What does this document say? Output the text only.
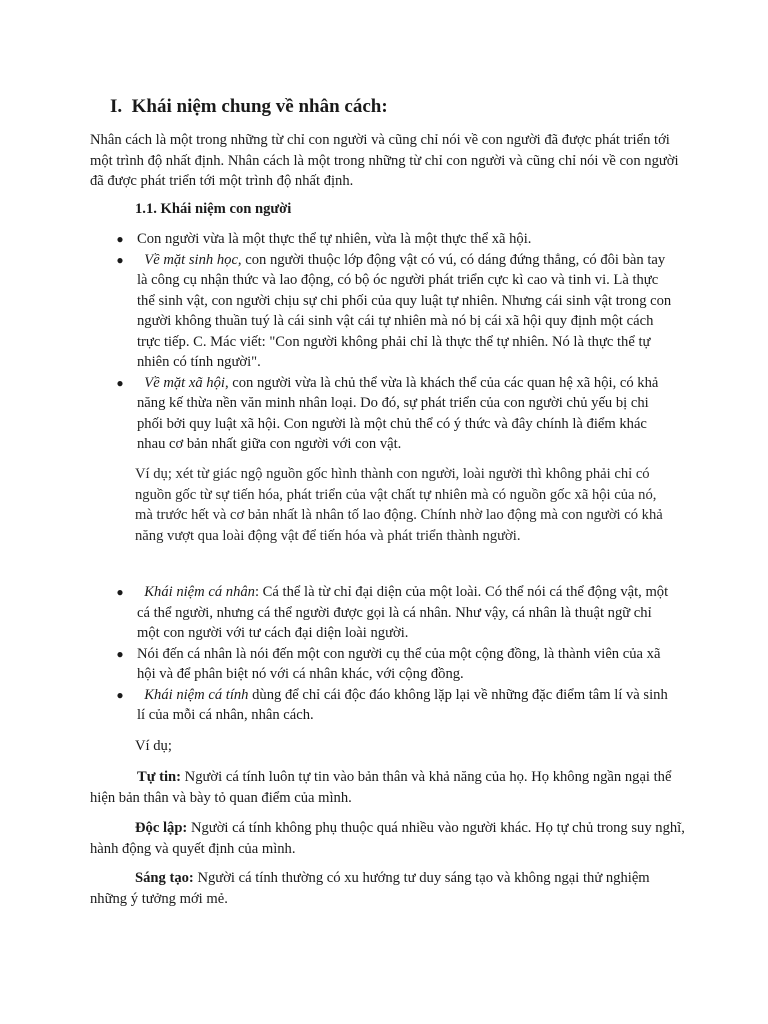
I. Khái niệm chung về nhân cách:

Nhân cách là một trong những từ chỉ con người và cũng chỉ nói về con người đã được phát triển tới một trình độ nhất định. Nhân cách là một trong những từ chỉ con người và cũng chỉ nói về con người đã được phát triển tới một trình độ nhất định.

1.1. Khái niệm con người

● Con người vừa là một thực thể tự nhiên, vừa là một thực thể xã hội.
● Về mặt sinh học, con người thuộc lớp động vật có vú, có dáng đứng thẳng, có đôi bàn tay là công cụ nhận thức và lao động, có bộ óc người phát triển cực kì cao và tinh vi. Là thực thể sinh vật, con người chịu sự chi phối của quy luật tự nhiên. Nhưng cái sinh vật trong con người không thuần tuý là cái sinh vật cái tự nhiên mà nó bị cái xã hội quy định một cách trực tiếp. C. Mác viết: "Con người không phải chỉ là thực thể tự nhiên. Nó là thực thể tự nhiên có tính người".
● Về mặt xã hội, con người vừa là chủ thể vừa là khách thể của các quan hệ xã hội, có khả năng kế thừa nền văn minh nhân loại. Do đó, sự phát triển của con người chủ yếu bị chi phối bởi quy luật xã hội. Con người là một chủ thể có ý thức và đây chính là điểm khác nhau cơ bản nhất giữa con người với con vật.

Ví dụ; xét từ giác ngộ nguồn gốc hình thành con người, loài người thì không phải chỉ có nguồn gốc từ sự tiến hóa, phát triển của vật chất tự nhiên mà có nguồn gốc xã hội của nó, mà trước hết và cơ bản nhất là nhân tố lao động. Chính nhờ lao động mà con người có khả năng vượt qua loài động vật để tiến hóa và phát triển thành người.

● Khái niệm cá nhân: Cá thể là từ chỉ đại diện của một loài. Có thể nói cá thể động vật, một cá thể người, nhưng cá thể người được gọi là cá nhân. Như vậy, cá nhân là thuật ngữ chỉ một con người với tư cách đại diện loài người.
● Nói đến cá nhân là nói đến một con người cụ thể của một cộng đồng, là thành viên của xã hội và để phân biệt nó với cá nhân khác, với cộng đồng.
● Khái niệm cá tính dùng để chỉ cái độc đáo không lặp lại về những đặc điểm tâm lí và sinh lí của mỗi cá nhân, nhân cách.

Ví dụ;

Tự tin: Người cá tính luôn tự tin vào bản thân và khả năng của họ. Họ không ngần ngại thể hiện bản thân và bày tỏ quan điểm của mình.

Độc lập: Người cá tính không phụ thuộc quá nhiều vào người khác. Họ tự chủ trong suy nghĩ, hành động và quyết định của mình.

Sáng tạo: Người cá tính thường có xu hướng tư duy sáng tạo và không ngại thử nghiệm những ý tưởng mới mẻ.
